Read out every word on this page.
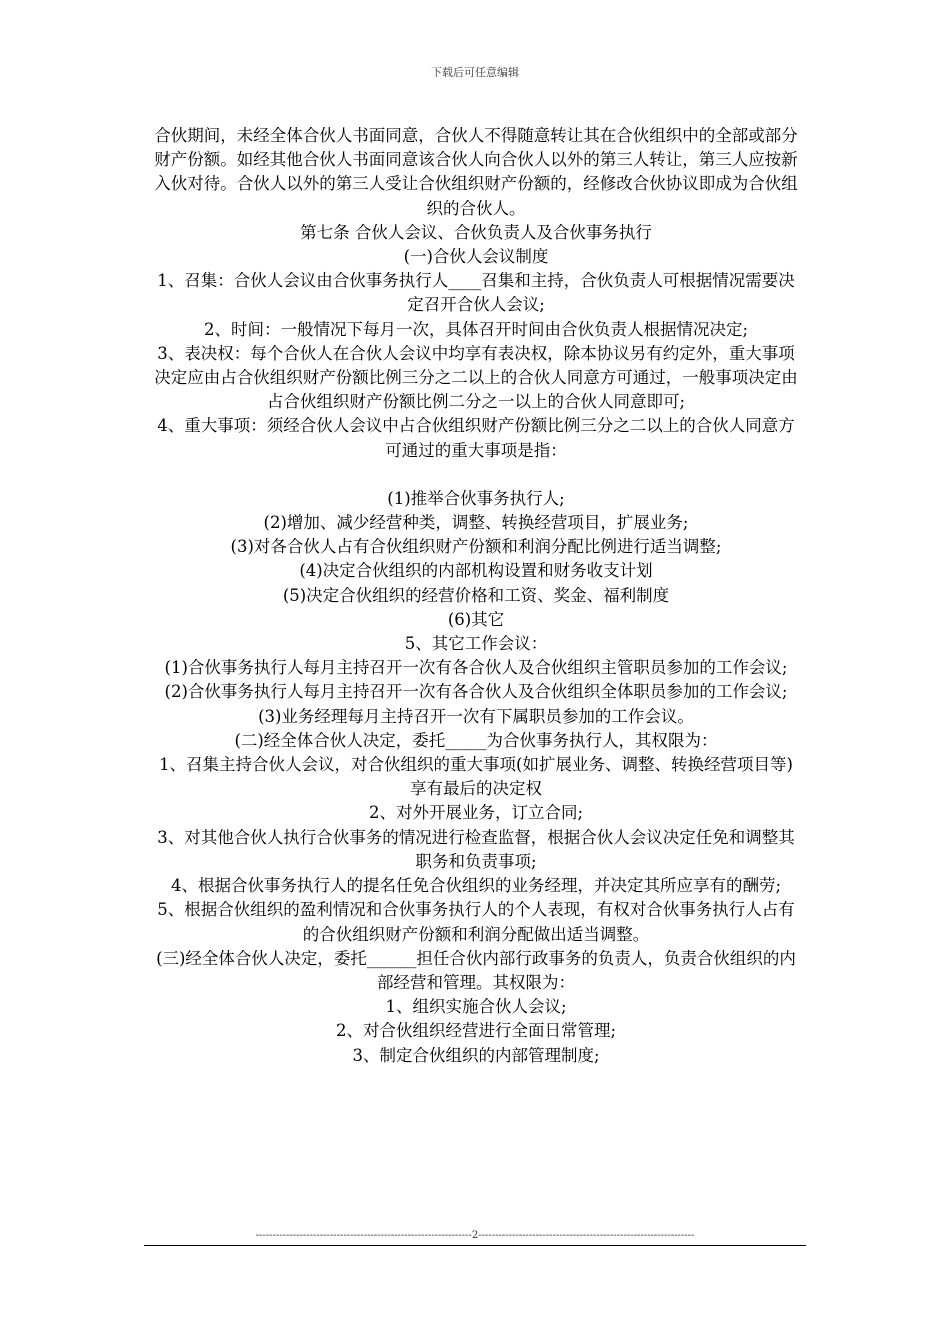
下载后可任意编辑

合伙期间，未经全体合伙人书面同意，合伙人不得随意转让其在合伙组织中的全部或部分财产份额。如经其他合伙人书面同意该合伙人向合伙人以外的第三人转让，第三人应按新入伙对待。合伙人以外的第三人受让合伙组织财产份额的，经修改合伙协议即成为合伙组织的合伙人。

第七条 合伙人会议、合伙负责人及合伙事务执行

(一)合伙人会议制度

1、召集：合伙人会议由合伙事务执行人____召集和主持，合伙负责人可根据情况需要决定召开合伙人会议;

2、时间：一般情况下每月一次，具体召开时间由合伙负责人根据情况决定;

3、表决权：每个合伙人在合伙人会议中均享有表决权，除本协议另有约定外，重大事项决定应由占合伙组织财产份额比例三分之二以上的合伙人同意方可通过，一般事项决定由占合伙组织财产份额比例二分之一以上的合伙人同意即可;

4、重大事项：须经合伙人会议中占合伙组织财产份额比例三分之二以上的合伙人同意方可通过的重大事项是指：

(1)推举合伙事务执行人;

(2)增加、减少经营种类，调整、转换经营项目，扩展业务;

(3)对各合伙人占有合伙组织财产份额和利润分配比例进行适当调整;

(4)决定合伙组织的内部机构设置和财务收支计划

(5)决定合伙组织的经营价格和工资、奖金、福利制度

(6)其它

5、其它工作会议：

(1)合伙事务执行人每月主持召开一次有各合伙人及合伙组织主管职员参加的工作会议;

(2)合伙事务执行人每月主持召开一次有各合伙人及合伙组织全体职员参加的工作会议;

(3)业务经理每月主持召开一次有下属职员参加的工作会议。

(二)经全体合伙人决定，委托_____为合伙事务执行人，其权限为：

1、召集主持合伙人会议，对合伙组织的重大事项(如扩展业务、调整、转换经营项目等)享有最后的决定权

2、对外开展业务，订立合同;

3、对其他合伙人执行合伙事务的情况进行检查监督，根据合伙人会议决定任免和调整其职务和负责事项;

4、根据合伙事务执行人的提名任免合伙组织的业务经理，并决定其所应享有的酬劳;

5、根据合伙组织的盈利情况和合伙事务执行人的个人表现，有权对合伙事务执行人占有的合伙组织财产份额和利润分配做出适当调整。

(三)经全体合伙人决定，委托______担任合伙内部行政事务的负责人，负责合伙组织的内部经营和管理。其权限为：

1、组织实施合伙人会议;

2、对合伙组织经营进行全面日常管理;

3、制定合伙组织的内部管理制度;

----------------------------------------------------------------2----------------------------------------------------------------
